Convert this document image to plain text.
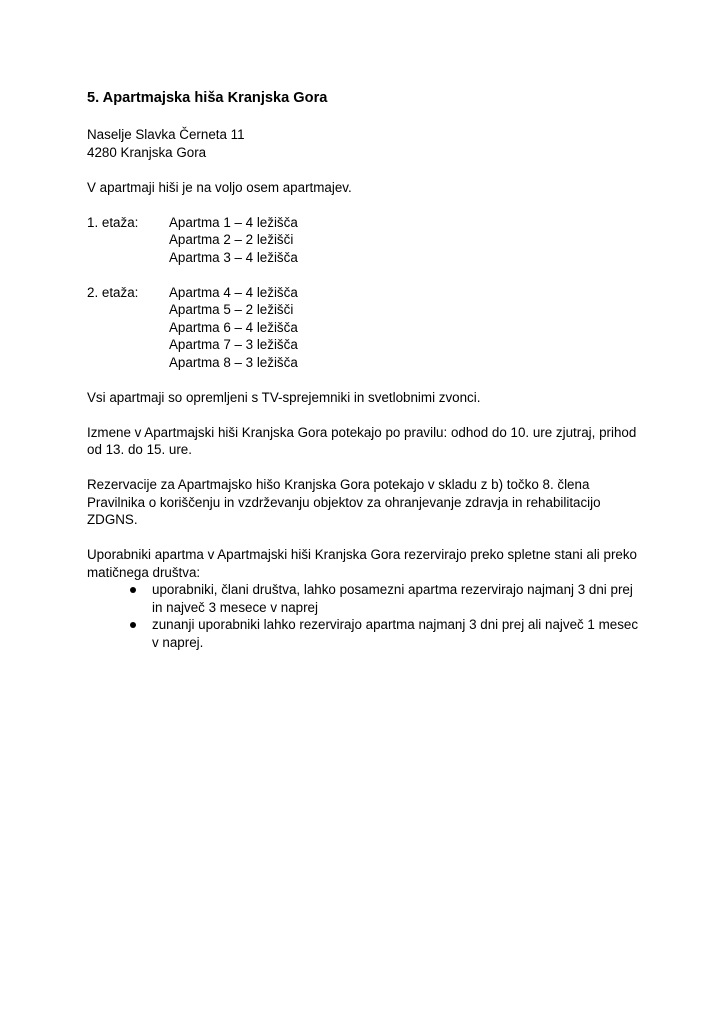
5. Apartmajska hiša Kranjska Gora

Naselje Slavka Černeta 11
4280 Kranjska Gora

V apartmaji hiši je na voljo osem apartmajev.

1. etaža:	Apartma 1 – 4 ležišča
Apartma 2 – 2 ležišči
Apartma 3 – 4 ležišča
2. etaža:	Apartma 4 – 4 ležišča
Apartma 5 – 2 ležišči
Apartma 6 – 4 ležišča
Apartma 7 – 3 ležišča
Apartma 8 – 3 ležišča

Vsi apartmaji so opremljeni s TV-sprejemniki in svetlobnimi zvonci.

Izmene v Apartmajski hiši Kranjska Gora potekajo po pravilu: odhod do 10. ure zjutraj, prihod
od 13. do 15. ure.

Rezervacije za Apartmajsko hišo Kranjska Gora potekajo v skladu z b) točko 8. člena
Pravilnika o koriščenju in vzdrževanju objektov za ohranjevanje zdravja in rehabilitacijo
ZDGNS.

Uporabniki apartma v Apartmajski hiši Kranjska Gora rezervirajo preko spletne stani ali preko
matičnega društva:
uporabniki, člani društva, lahko posamezni apartma rezervirajo najmanj 3 dni prej
in največ 3 mesece v naprej
zunanji uporabniki lahko rezervirajo apartma najmanj 3 dni prej ali največ 1 mesec
v naprej.
